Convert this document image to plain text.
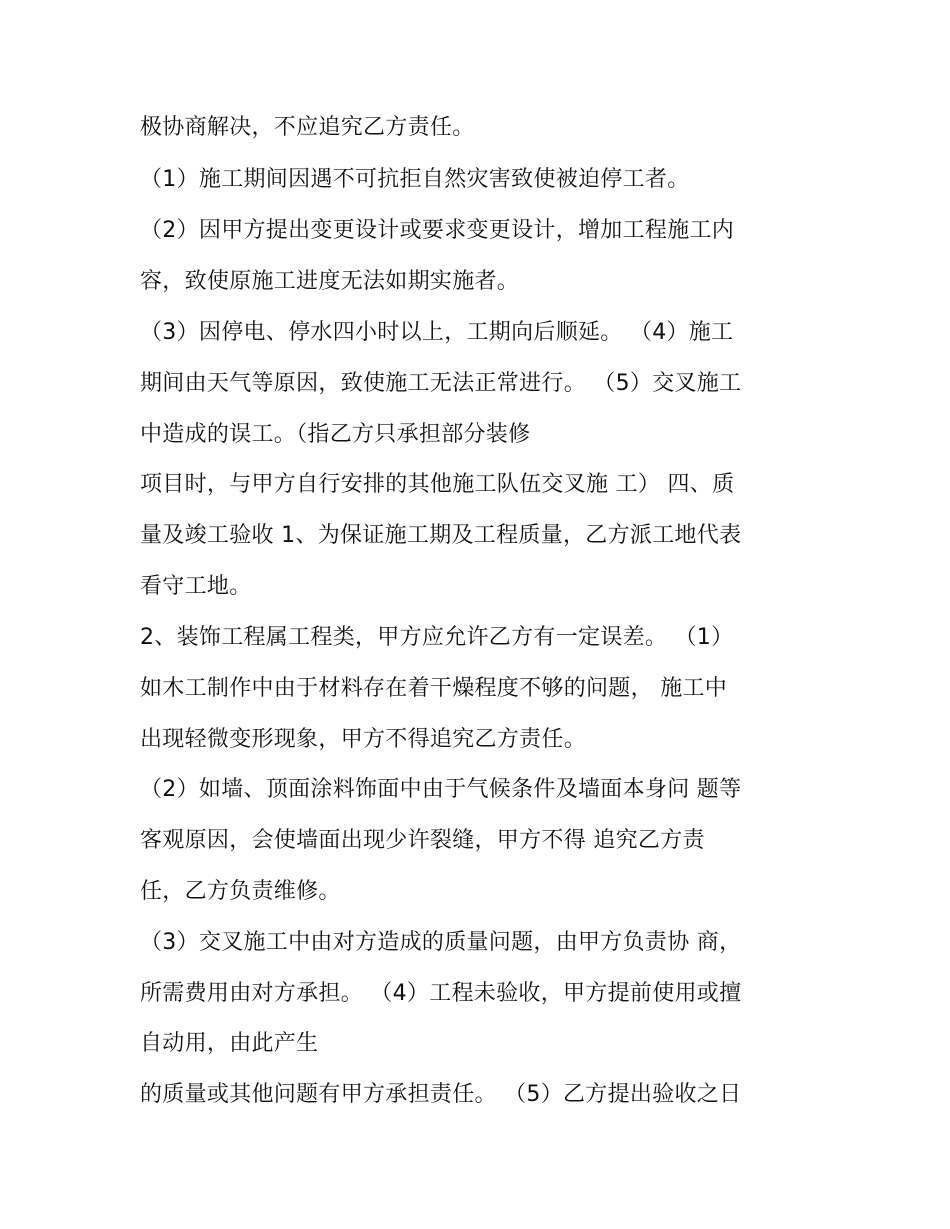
极协商解决，不应追究乙方责任。
（1）施工期间因遇不可抗拒自然灾害致使被迫停工者。
（2）因甲方提出变更设计或要求变更设计，增加工程施工内
容，致使原施工进度无法如期实施者。
（3）因停电、停水四小时以上，工期向后顺延。 （4）施工
期间由天气等原因，致使施工无法正常进行。 （5）交叉施工
中造成的误工。（指乙方只承担部分装修
项目时，与甲方自行安排的其他施工队伍交叉施 工） 四、质
量及竣工验收 1、为保证施工期及工程质量，乙方派工地代表
看守工地。
2、装饰工程属工程类，甲方应允许乙方有一定误差。 （1）
如木工制作中由于材料存在着干燥程度不够的问题， 施工中
出现轻微变形现象，甲方不得追究乙方责任。
（2）如墙、顶面涂料饰面中由于气候条件及墙面本身问 题等
客观原因，会使墙面出现少许裂缝，甲方不得 追究乙方责
任，乙方负责维修。
（3）交叉施工中由对方造成的质量问题，由甲方负责协 商，
所需费用由对方承担。 （4）工程未验收，甲方提前使用或擅
自动用，由此产生
的质量或其他问题有甲方承担责任。 （5）乙方提出验收之日
